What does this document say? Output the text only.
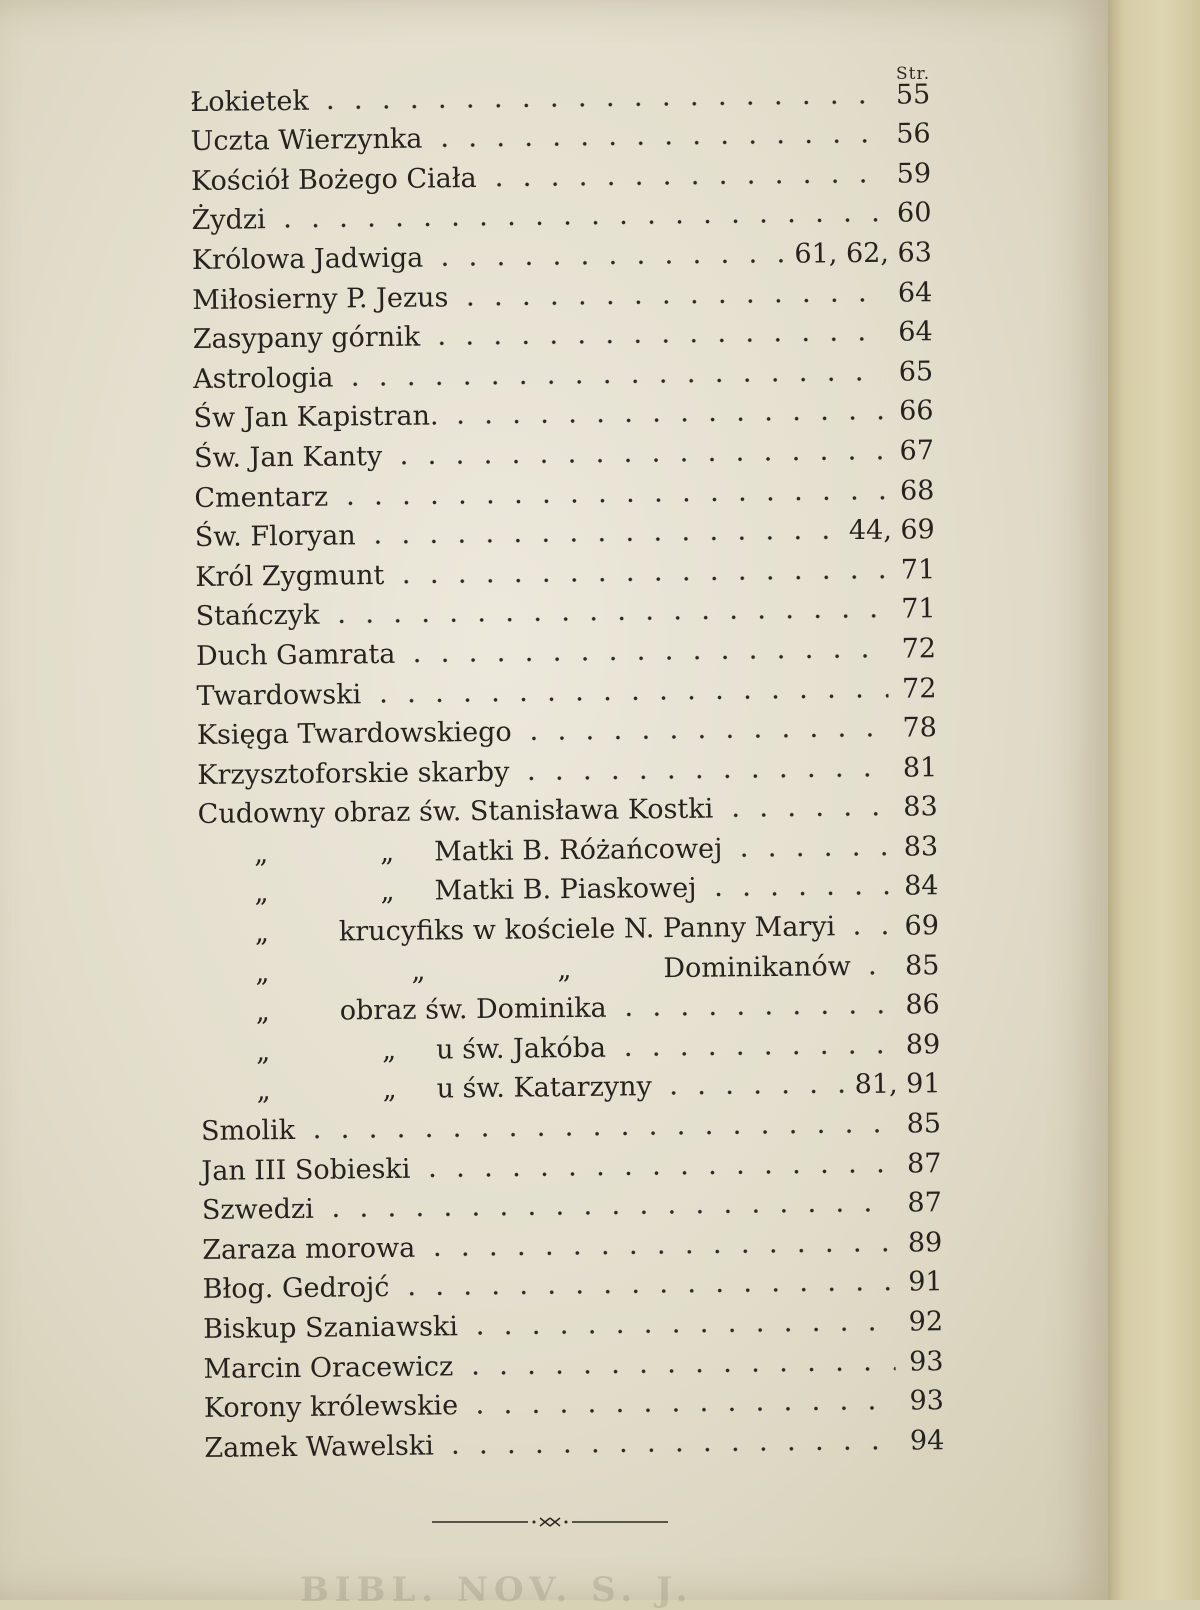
Str.
Łokietek	55
Uczta Wierzynka	56
Kościół Bożego Ciała	59
Żydzi	60
Królowa Jadwiga	61, 62, 63
Miłosierny P. Jezus	64
Zasypany górnik	64
Astrologia	65
Św Jan Kapistran.	66
Św. Jan Kanty	67
Cmentarz	68
Św. Floryan	44, 69
Król Zygmunt	71
Stańczyk	71
Duch Gamrata	72
Twardowski	72
Księga Twardowskiego	78
Krzysztoforskie skarby	81
Cudowny obraz św. Stanisława Kostki	83
„	„ Matki B. Różańcowej	83
„	„ Matki B. Piaskowej	84
„	krucyfiks w kościele N. Panny Maryi	69
„	„	„	Dominikanów 85
„	obraz św. Dominika	86
„	„ u św. Jakóba	89
„	„ u św. Katarzyny	81, 91
Smolik	85
Jan III Sobieski	87
Szwedzi	87
Zaraza morowa	89
Błog. Gedrojć	91
Biskup Szaniawski	92
Marcin Oracewicz	93
Korony królewskie	93
Zamek Wawelski	94
BIBL. NOV. S. J.
